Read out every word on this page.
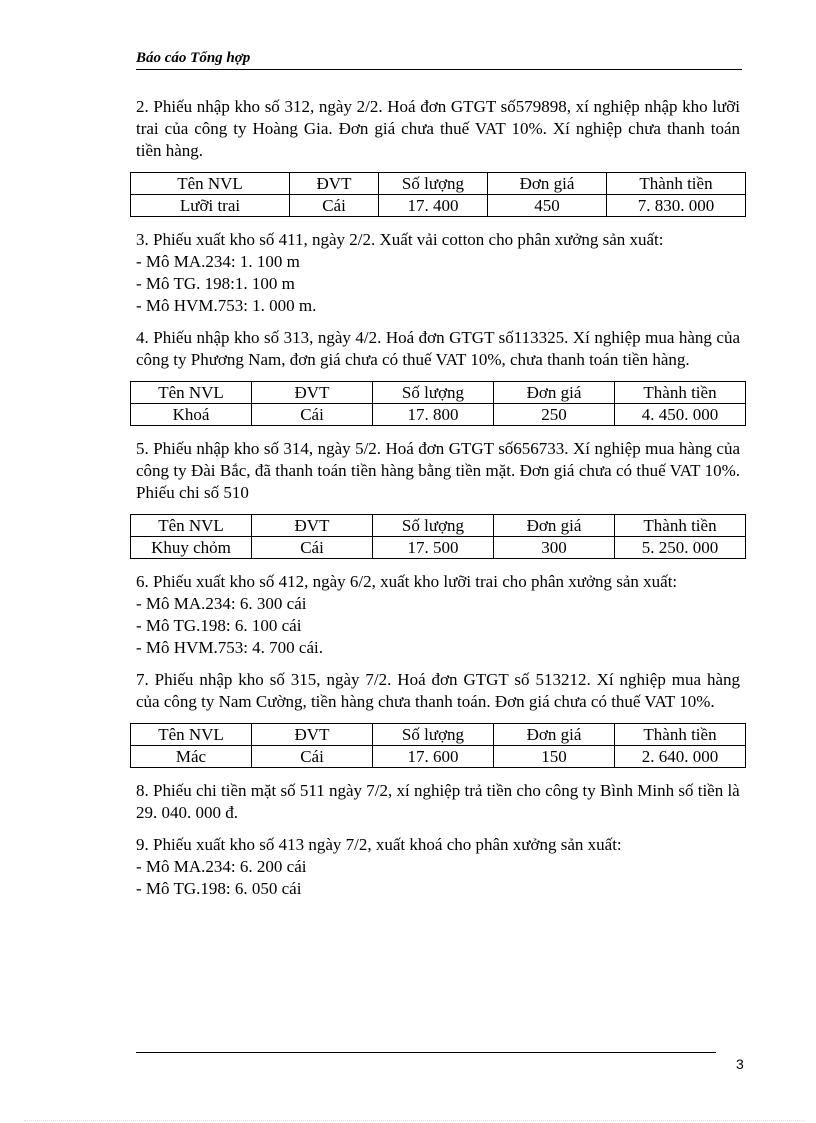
Báo cáo Tổng hợp

2. Phiếu nhập kho số 312, ngày 2/2. Hoá đơn GTGT số579898, xí nghiệp nhập kho lưỡi trai của công ty Hoàng Gia. Đơn giá chưa thuế VAT 10%. Xí nghiệp chưa thanh toán tiền hàng.

Tên NVL	ĐVT	Số lượng	Đơn giá	Thành tiền
Lưỡi trai	Cái	17. 400	450	7. 830. 000

3. Phiếu xuất kho số 411, ngày 2/2. Xuất vải cotton cho phân xưởng sản xuất:

- Mô MA.234: 1. 100 m
- Mô TG. 198:1. 100 m
- Mô HVM.753: 1. 000 m.

4. Phiếu nhập kho số 313, ngày 4/2. Hoá đơn GTGT số113325. Xí nghiệp mua hàng của công ty Phương Nam, đơn giá chưa có thuế VAT 10%, chưa thanh toán tiền hàng.

Tên NVL	ĐVT	Số lượng	Đơn giá	Thành tiền
Khoá	Cái	17. 800	250	4. 450. 000

5. Phiếu nhập kho số 314, ngày 5/2. Hoá đơn GTGT số656733. Xí nghiệp mua hàng của công ty Đài Bắc, đã thanh toán tiền hàng bằng tiền mặt. Đơn giá chưa có thuế VAT 10%. Phiếu chi số 510

Tên NVL	ĐVT	Số lượng	Đơn giá	Thành tiền
Khuy chỏm	Cái	17. 500	300	5. 250. 000

6. Phiếu xuất kho số 412, ngày 6/2, xuất kho lưỡi trai cho phân xưởng sản xuất:

- Mô MA.234: 6. 300 cái
- Mô TG.198: 6. 100 cái
- Mô HVM.753: 4. 700 cái.

7. Phiếu nhập kho số 315, ngày 7/2. Hoá đơn GTGT số 513212. Xí nghiệp mua hàng của công ty Nam Cường, tiền hàng chưa thanh toán. Đơn giá chưa có thuế VAT 10%.

Tên NVL	ĐVT	Số lượng	Đơn giá	Thành tiền
Mác	Cái	17. 600	150	2. 640. 000

8. Phiếu chi tiền mặt số 511 ngày 7/2, xí nghiệp trả tiền cho công ty Bình Minh số tiền là 29. 040. 000 đ.

9. Phiếu xuất kho số 413 ngày 7/2, xuất khoá cho phân xưởng sản xuất:

- Mô MA.234: 6. 200 cái
- Mô TG.198: 6. 050 cái
3
